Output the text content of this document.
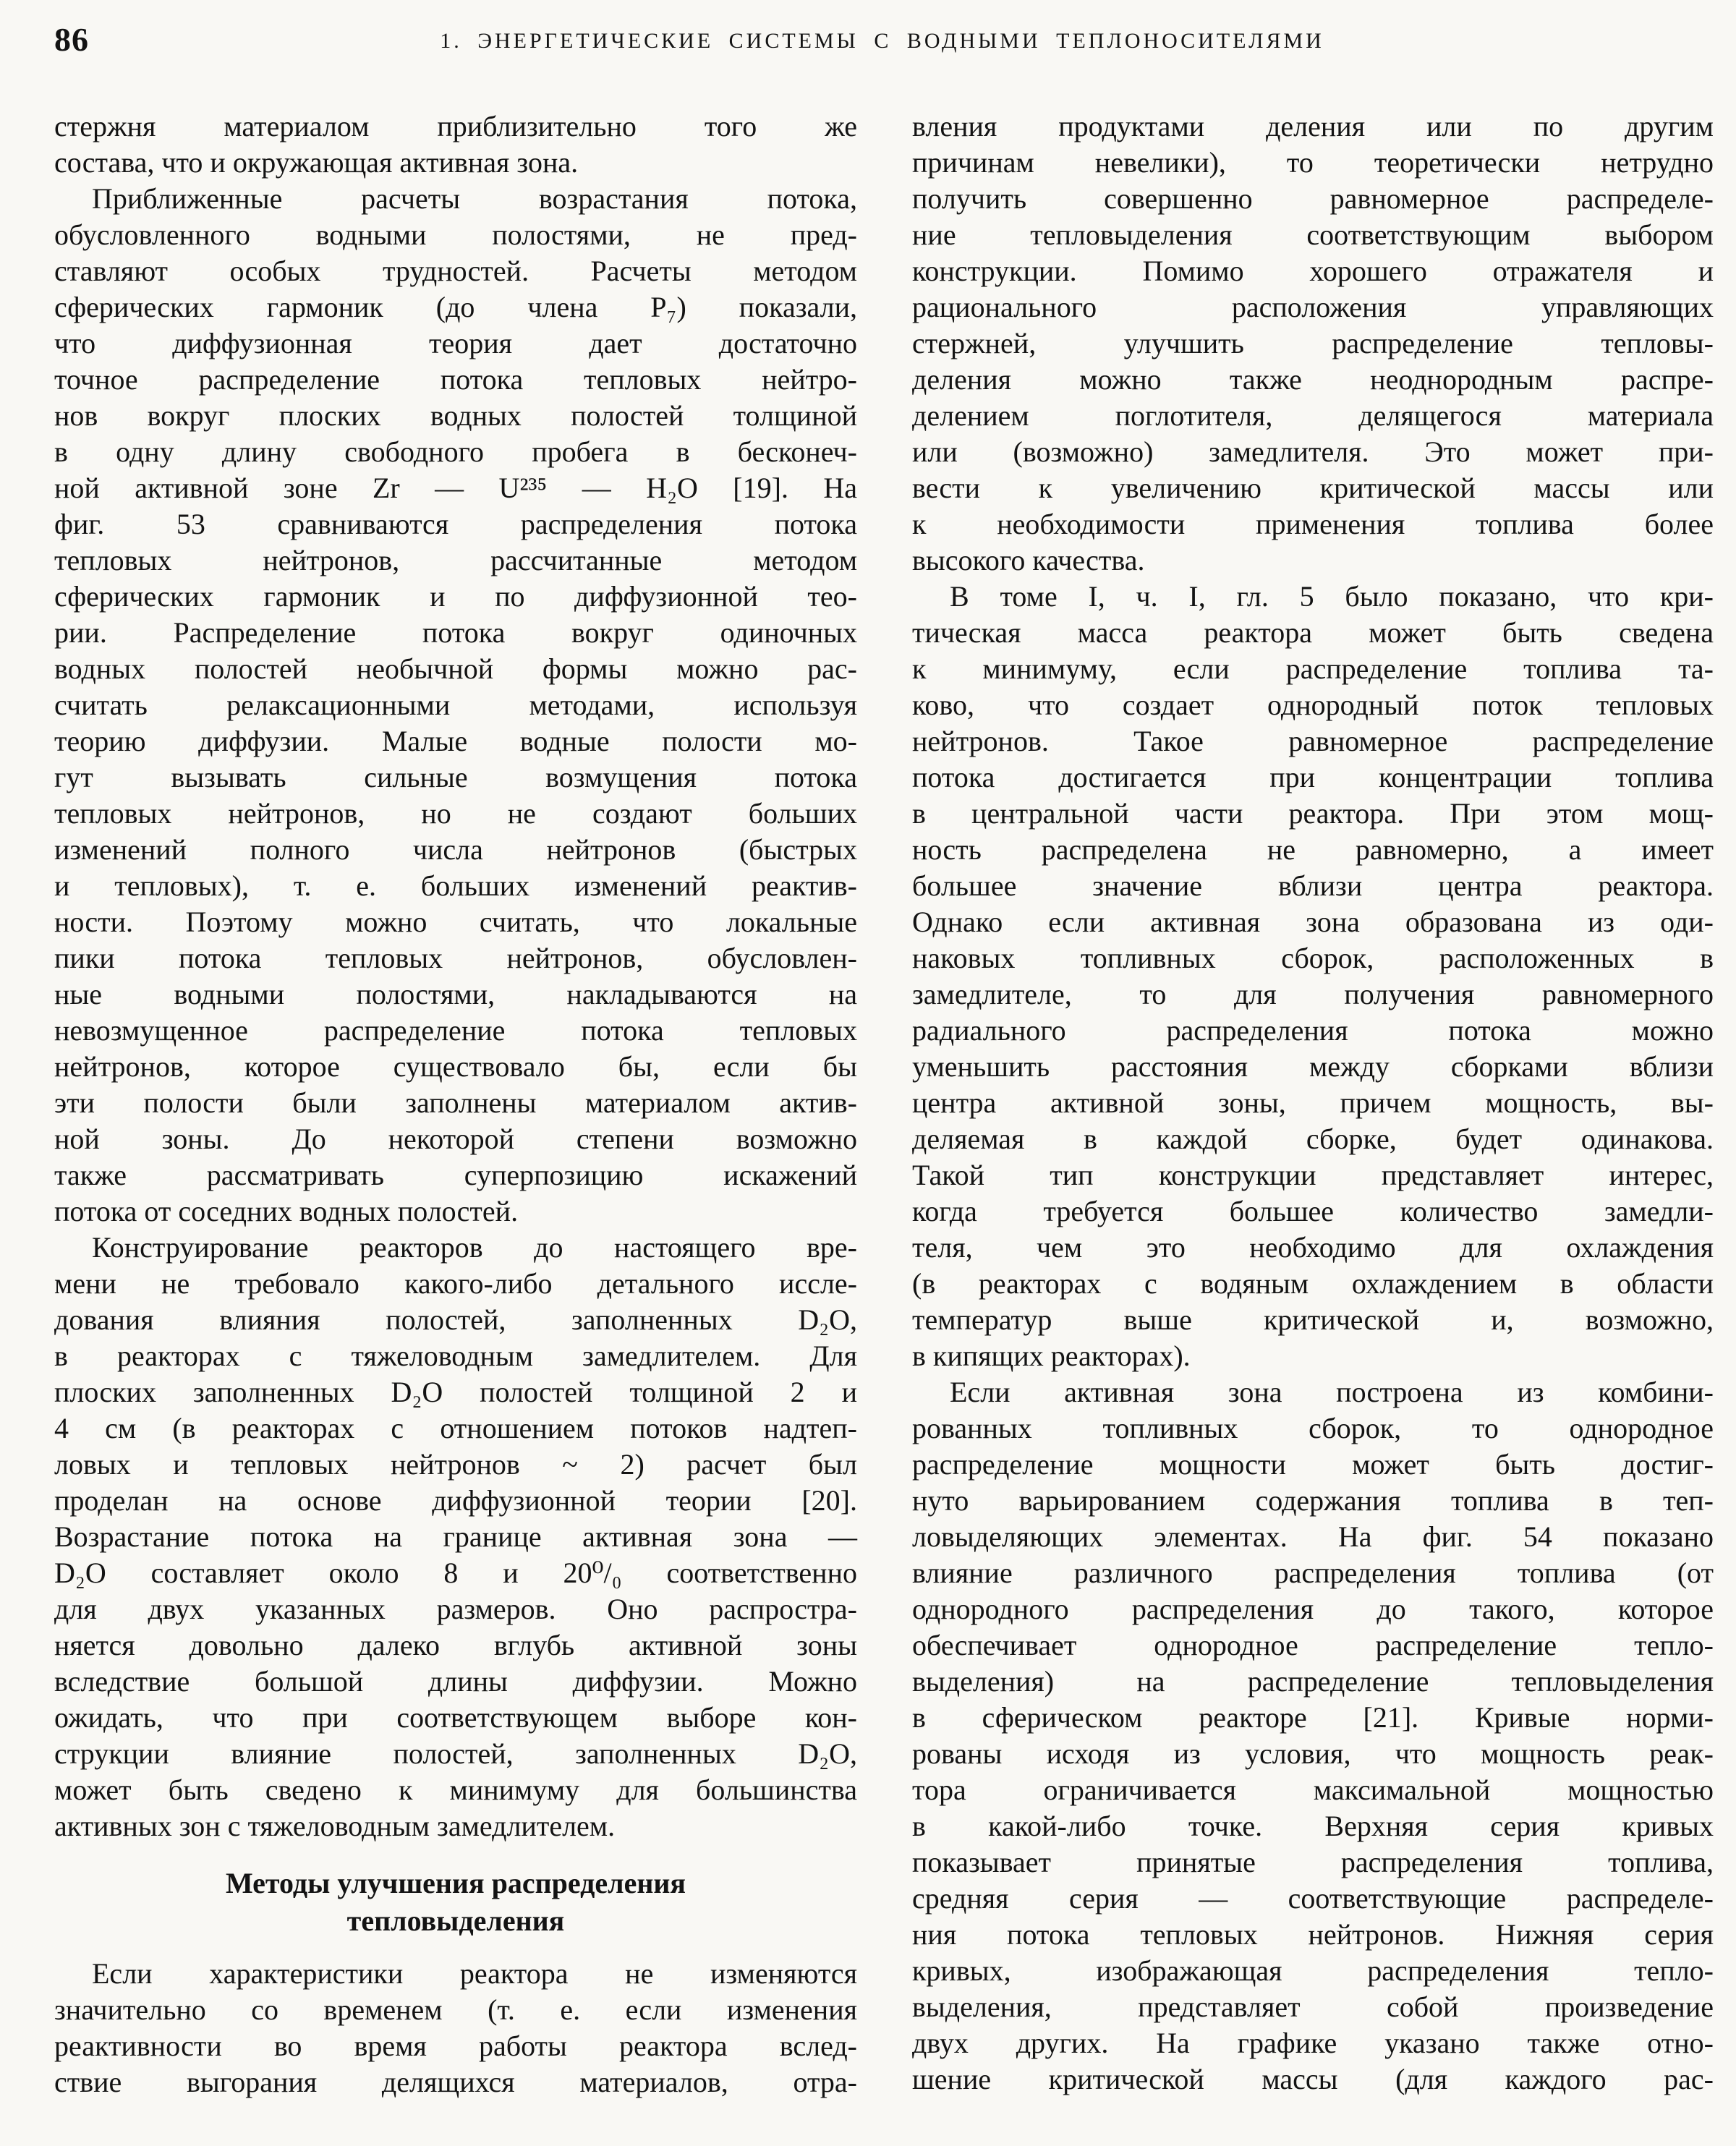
86	1. ЭНЕРГЕТИЧЕСКИЕ СИСТЕМЫ С ВОДНЫМИ ТЕПЛОНОСИТЕЛЯМИ
стержня материалом приблизительно того же
состава, что и окружающая активная зона.
Приближенные расчеты возрастания потока,
обусловленного водными полостями, не пред-
ставляют особых трудностей. Расчеты методом
сферических гармоник (до члена P₇) показали,
что диффузионная теория дает достаточно
точное распределение потока тепловых нейтро-
нов вокруг плоских водных полостей толщиной
в одну длину свободного пробега в бесконеч-
ной активной зоне Zr — U²³⁵ — H₂O [19]. На
фиг. 53 сравниваются распределения потока
тепловых нейтронов, рассчитанные методом
сферических гармоник и по диффузионной тео-
рии. Распределение потока вокруг одиночных
водных полостей необычной формы можно рас-
считать релаксационными методами, используя
теорию диффузии. Малые водные полости мо-
гут вызывать сильные возмущения потока
тепловых нейтронов, но не создают больших
изменений полного числа нейтронов (быстрых
и тепловых), т. е. больших изменений реактив-
ности. Поэтому можно считать, что локальные
пики потока тепловых нейтронов, обусловлен-
ные водными полостями, накладываются на
невозмущенное распределение потока тепловых
нейтронов, которое существовало бы, если бы
эти полости были заполнены материалом актив-
ной зоны. До некоторой степени возможно
также рассматривать суперпозицию искажений
потока от соседних водных полостей.
Конструирование реакторов до настоящего вре-
мени не требовало какого-либо детального иссле-
дования влияния полостей, заполненных D₂O,
в реакторах с тяжеловодным замедлителем. Для
плоских заполненных D₂O полостей толщиной 2 и
4 см (в реакторах с отношением потоков надтеп-
ловых и тепловых нейтронов ~ 2) расчет был
проделан на основе диффузионной теории [20].
Возрастание потока на границе активная зона —
D₂O составляет около 8 и 20⁰/₀ соответственно
для двух указанных размеров. Оно распростра-
няется довольно далеко вглубь активной зоны
вследствие большой длины диффузии. Можно
ожидать, что при соответствующем выборе кон-
струкции влияние полостей, заполненных D₂O,
может быть сведено к минимуму для большинства
активных зон с тяжеловодным замедлителем.
Методы улучшения распределения
тепловыделения
Если характеристики реактора не изменяются
значительно со временем (т. е. если изменения
реактивности во время работы реактора вслед-
ствие выгорания делящихся материалов, отра-
вления продуктами деления или по другим
причинам невелики), то теоретически нетрудно
получить совершенно равномерное распределе-
ние тепловыделения соответствующим выбором
конструкции. Помимо хорошего отражателя и
рационального расположения управляющих
стержней, улучшить распределение тепловы-
деления можно также неоднородным распре-
делением поглотителя, делящегося материала
или (возможно) замедлителя. Это может при-
вести к увеличению критической массы или
к необходимости применения топлива более
высокого качества.
В томе I, ч. I, гл. 5 было показано, что кри-
тическая масса реактора может быть сведена
к минимуму, если распределение топлива та-
ково, что создает однородный поток тепловых
нейтронов. Такое равномерное распределение
потока достигается при концентрации топлива
в центральной части реактора. При этом мощ-
ность распределена не равномерно, а имеет
большее значение вблизи центра реактора.
Однако если активная зона образована из оди-
наковых топливных сборок, расположенных в
замедлителе, то для получения равномерного
радиального распределения потока можно
уменьшить расстояния между сборками вблизи
центра активной зоны, причем мощность, вы-
деляемая в каждой сборке, будет одинакова.
Такой тип конструкции представляет интерес,
когда требуется большее количество замедли-
теля, чем это необходимо для охлаждения
(в реакторах с водяным охлаждением в области
температур выше критической и, возможно,
в кипящих реакторах).
Если активная зона построена из комбини-
рованных топливных сборок, то однородное
распределение мощности может быть достиг-
нуто варьированием содержания топлива в теп-
ловыделяющих элементах. На фиг. 54 показано
влияние различного распределения топлива (от
однородного распределения до такого, которое
обеспечивает однородное распределение тепло-
выделения) на распределение тепловыделения
в сферическом реакторе [21]. Кривые норми-
рованы исходя из условия, что мощность реак-
тора ограничивается максимальной мощностью
в какой-либо точке. Верхняя серия кривых
показывает принятые распределения топлива,
средняя серия — соответствующие распределе-
ния потока тепловых нейтронов. Нижняя серия
кривых, изображающая распределения тепло-
выделения, представляет собой произведение
двух других. На графике указано также отно-
шение критической массы (для каждого рас-
